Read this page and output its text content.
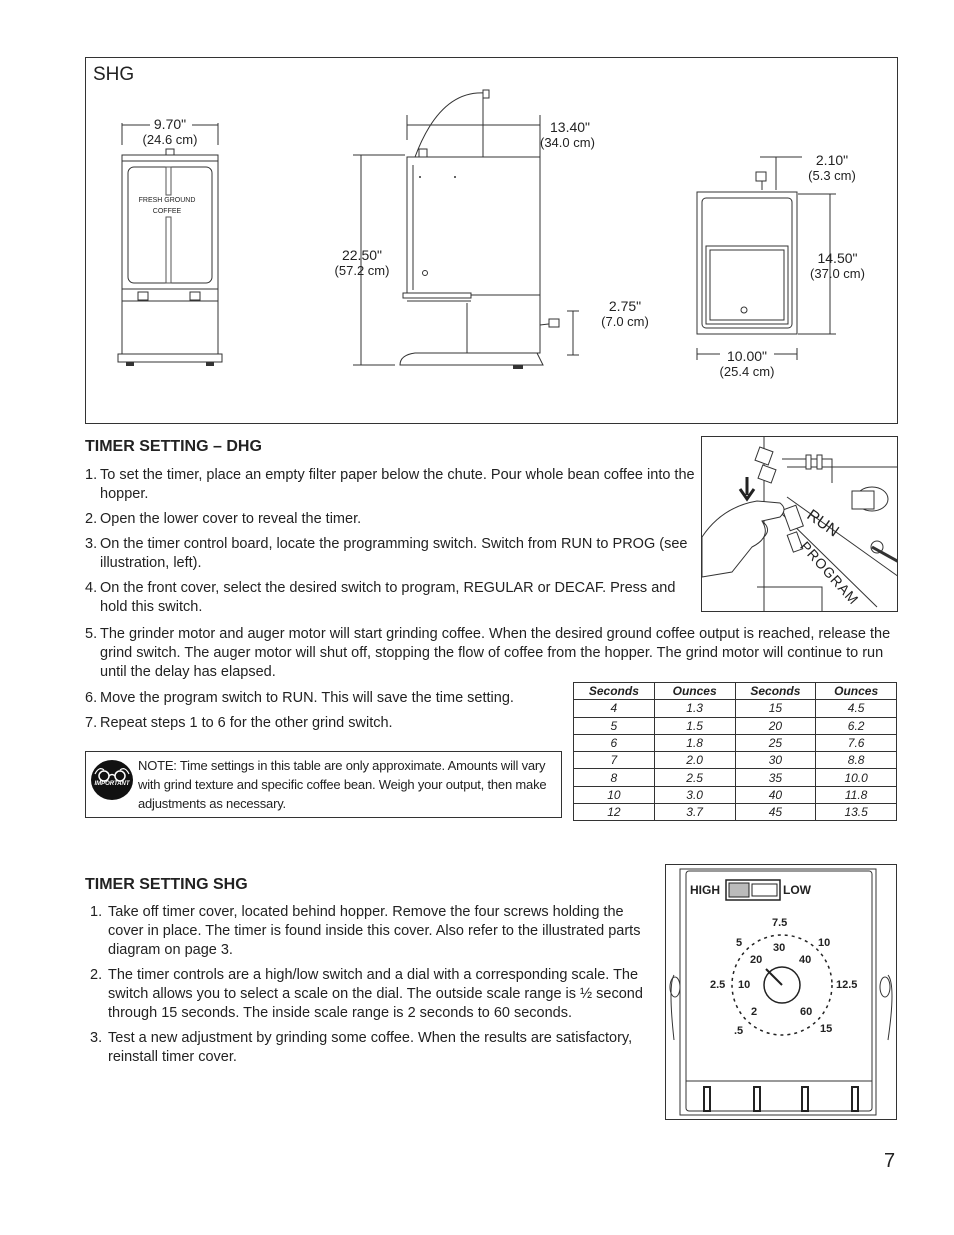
SHG
FRESH GROUND
COFFEE
9.70"
(24.6 cm)
13.40"
(34.0 cm)
22.50"
(57.2 cm)
2.75"
(7.0 cm)
2.10"
(5.3 cm)
14.50"
(37.0 cm)
10.00"
(25.4 cm)
TIMER SETTING – DHG
1. To set the timer, place an empty filter paper below the chute. Pour whole bean coffee into the hopper.
2. Open the lower cover to reveal the timer.
3. On the timer control board, locate the programming switch. Switch from RUN to PROG (see illustration, left).
4. On the front cover, select the desired switch to program, REGULAR or DECAF. Press and hold this switch.
5. The grinder motor and auger motor will start grinding coffee. When the desired ground coffee output is reached, release the grind switch. The auger motor will shut off, stopping the flow of coffee from the hopper. The grind motor will continue to run until the delay has elapsed.
6. Move the program switch to RUN. This will save the time setting.
7. Repeat steps 1 to 6 for the other grind switch.
RUN
PROGRAM
IMPORTANT
NOTE: Time settings in this table are only approximate. Amounts will vary with grind texture and specific coffee bean. Weigh your output, then make adjustments as necessary.
Seconds	Ounces	Seconds	Ounces
4	1.3	15	4.5
5	1.5	20	6.2
6	1.8	25	7.6
7	2.0	30	8.8
8	2.5	35	10.0
10	3.0	40	11.8
12	3.7	45	13.5
TIMER SETTING SHG
1. Take off timer cover, located behind hopper. Remove the four screws holding the cover in place. The timer is found inside this cover. Also refer to the illustrated parts diagram on page 3.
2. The timer controls are a high/low switch and a dial with a corresponding scale. The switch allows you to select a scale on the dial. The outside scale range is ½ second through 15 seconds. The inside scale range is 2 seconds to 60 seconds.
3. Test a new adjustment by grinding some coffee. When the results are satisfactory, reinstall timer cover.
HIGH	LOW
.5
2.5
5
7.5
10
12.5
15
2
10
20
30
40
60
7
